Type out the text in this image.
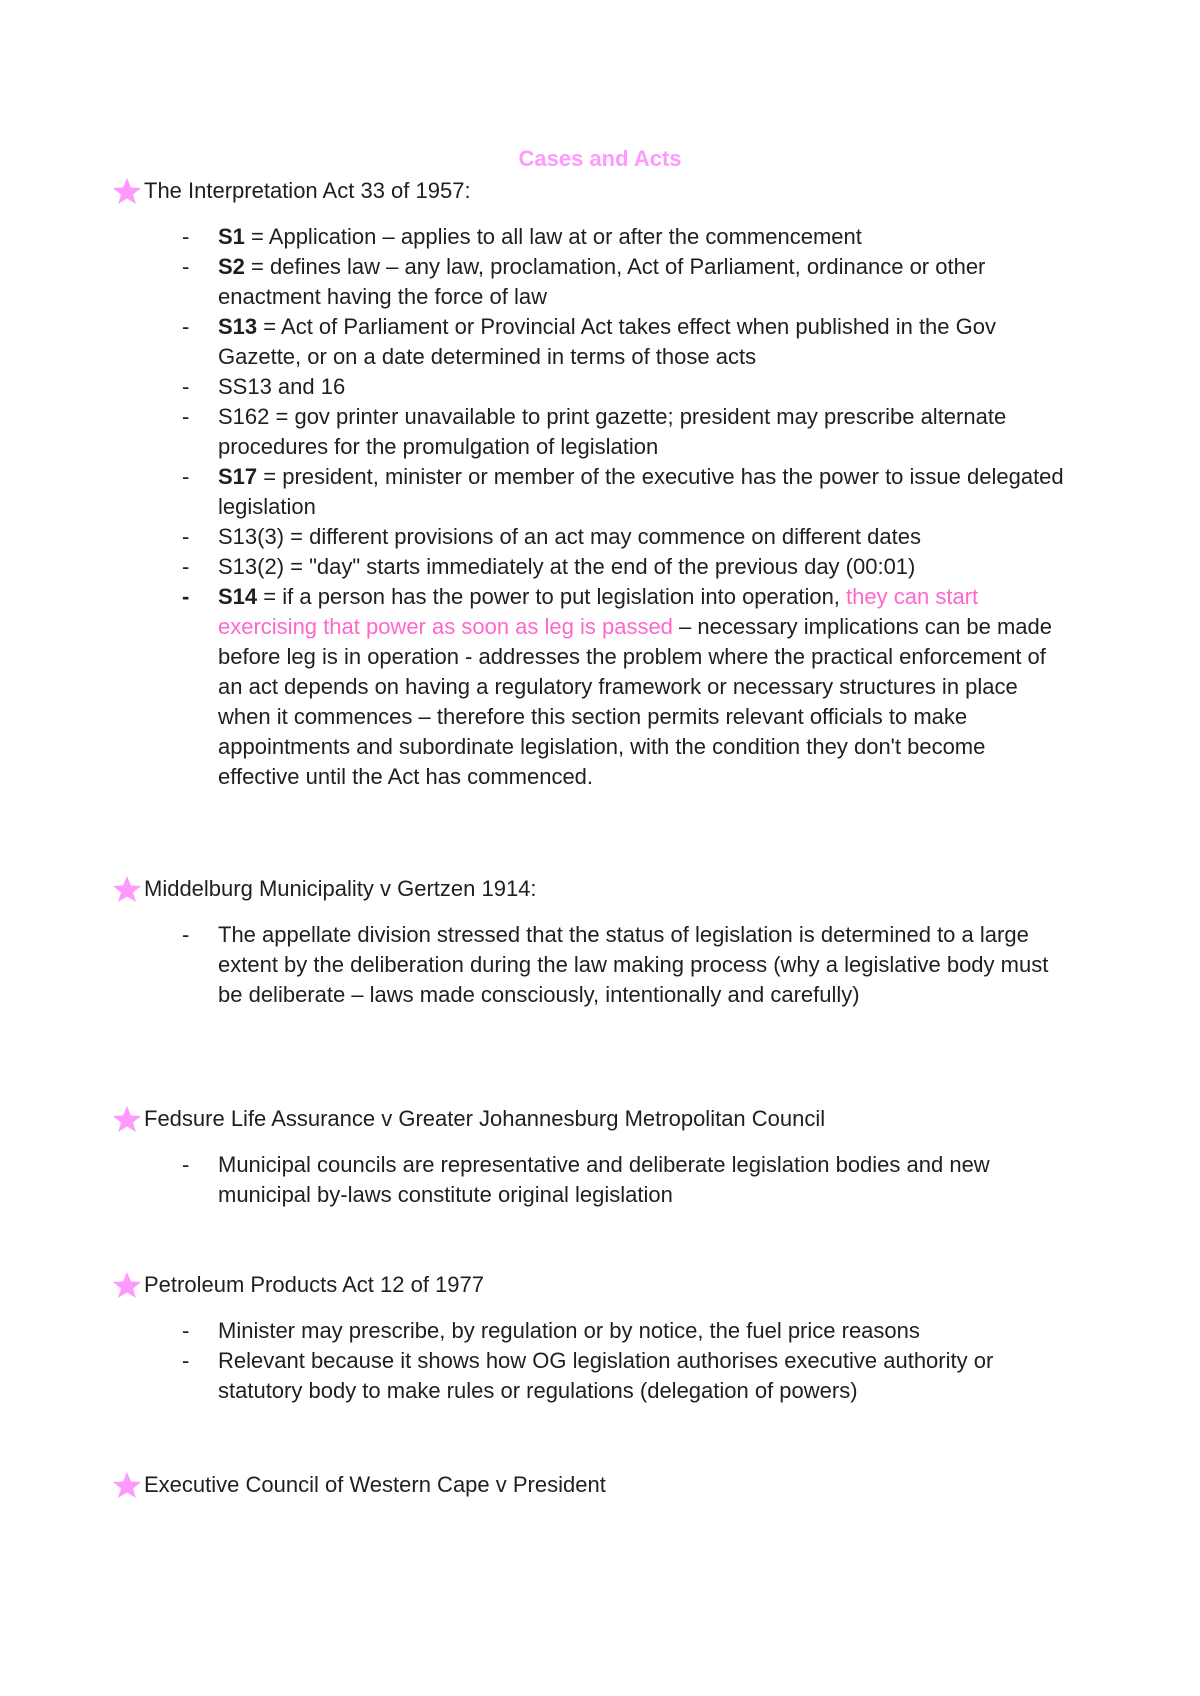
Cases and Acts
The Interpretation Act 33 of 1957:
- S1 = Application – applies to all law at or after the commencement
- S2 = defines law – any law, proclamation, Act of Parliament, ordinance or other enactment having the force of law
- S13 = Act of Parliament or Provincial Act takes effect when published in the Gov Gazette, or on a date determined in terms of those acts
- SS13 and 16
- S162 = gov printer unavailable to print gazette; president may prescribe alternate procedures for the promulgation of legislation
- S17 = president, minister or member of the executive has the power to issue delegated legislation
- S13(3) = different provisions of an act may commence on different dates
- S13(2) = "day" starts immediately at the end of the previous day (00:01)
- S14 = if a person has the power to put legislation into operation, they can start exercising that power as soon as leg is passed – necessary implications can be made before leg is in operation - addresses the problem where the practical enforcement of an act depends on having a regulatory framework or necessary structures in place when it commences – therefore this section permits relevant officials to make appointments and subordinate legislation, with the condition they don't become effective until the Act has commenced.
Middelburg Municipality v Gertzen 1914:
- The appellate division stressed that the status of legislation is determined to a large extent by the deliberation during the law making process (why a legislative body must be deliberate – laws made consciously, intentionally and carefully)
Fedsure Life Assurance v Greater Johannesburg Metropolitan Council
- Municipal councils are representative and deliberate legislation bodies and new municipal by-laws constitute original legislation
Petroleum Products Act 12 of 1977
- Minister may prescribe, by regulation or by notice, the fuel price reasons
- Relevant because it shows how OG legislation authorises executive authority or statutory body to make rules or regulations (delegation of powers)
Executive Council of Western Cape v President
